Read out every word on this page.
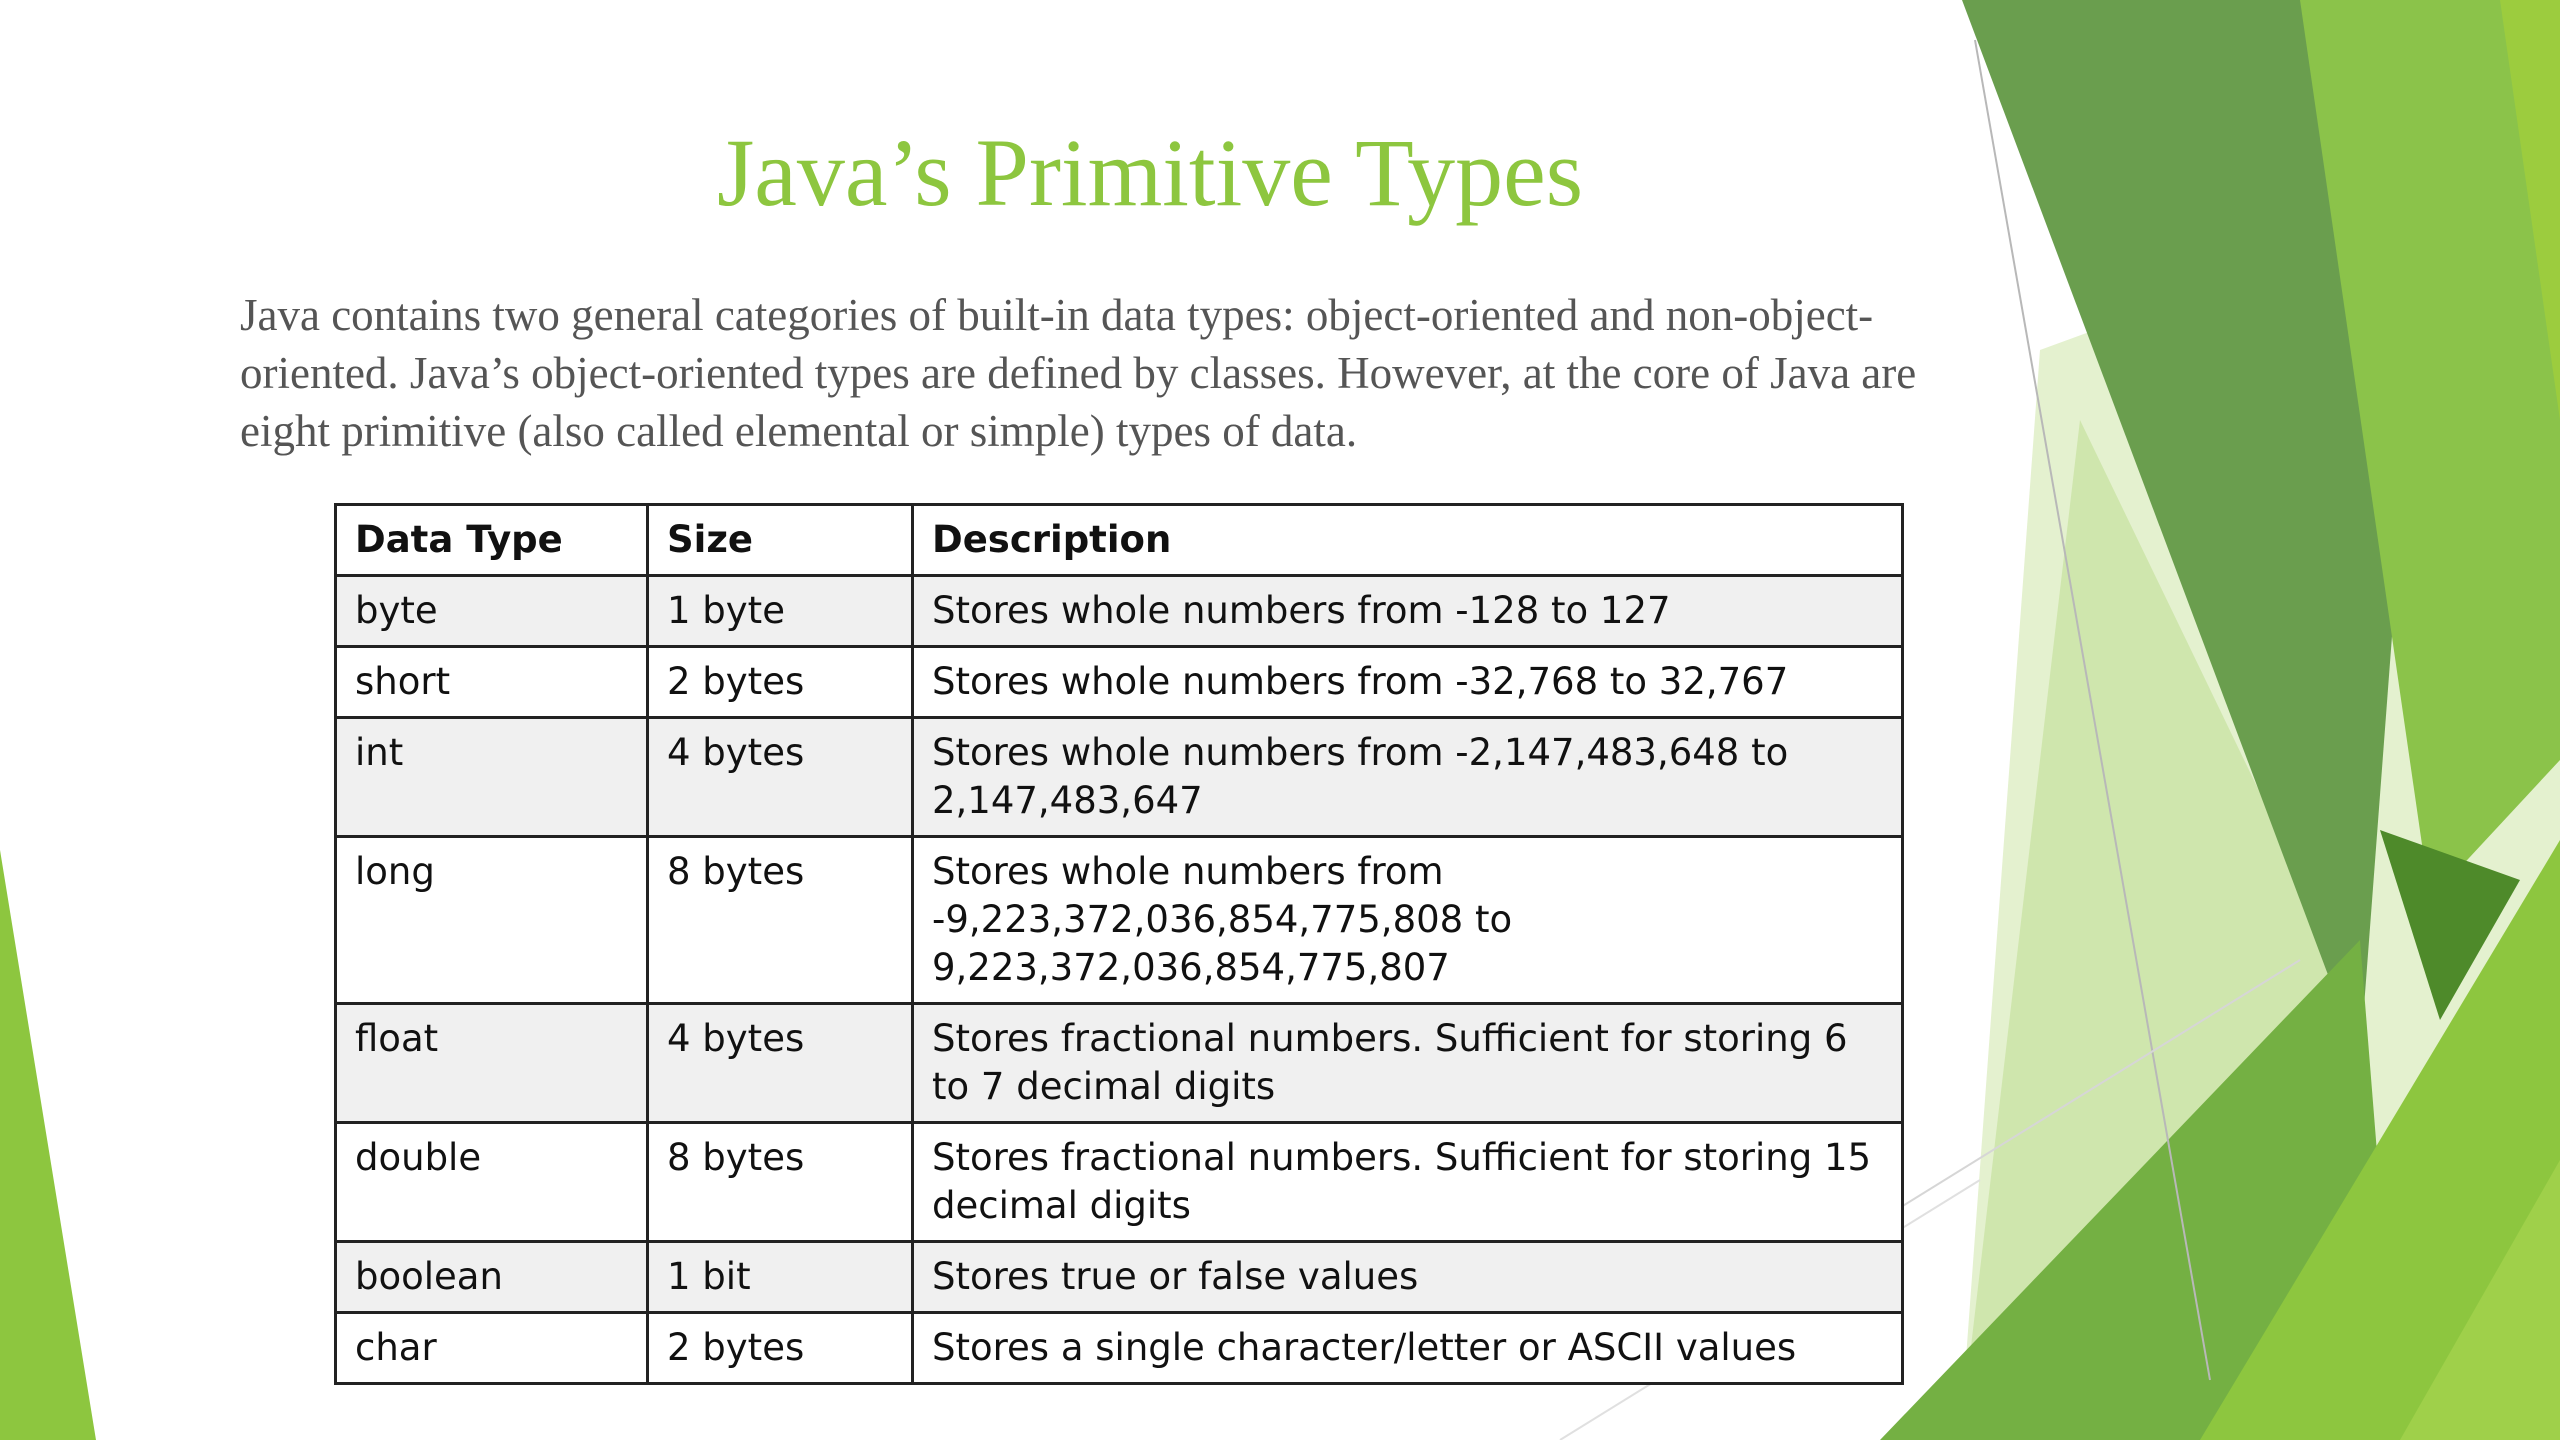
Java’s Primitive Types

Java contains two general categories of built-in data types: object-oriented and non-object-oriented. Java’s object-oriented types are defined by classes. However, at the core of Java are eight primitive (also called elemental or simple) types of data.

Data Type	Size	Description
byte	1 byte	Stores whole numbers from -128 to 127
short	2 bytes	Stores whole numbers from -32,768 to 32,767
int	4 bytes	Stores whole numbers from -2,147,483,648 to 2,147,483,647
long	8 bytes	Stores whole numbers from -9,223,372,036,854,775,808 to 9,223,372,036,854,775,807
float	4 bytes	Stores fractional numbers. Sufficient for storing 6 to 7 decimal digits
double	8 bytes	Stores fractional numbers. Sufficient for storing 15 decimal digits
boolean	1 bit	Stores true or false values
char	2 bytes	Stores a single character/letter or ASCII values
